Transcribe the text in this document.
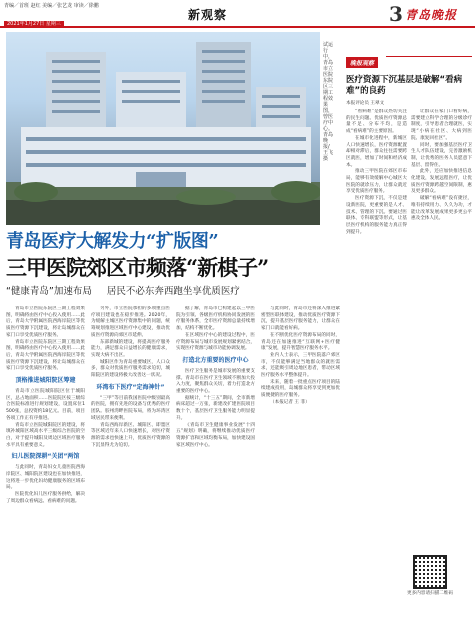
青编／首班 赵红 美编／张艺龙 审读／徐鹏
2021年1月27日 星期三
新观察	3 青岛晚报
试运行中，青岛市立医院东院区三期工程效果图，曾医疗中心。青岛晚报/王飞 摄
青岛医疗大解发力“扩版图”
三甲医院郊区市频落“新棋子”
“健康青岛”加速布局 居民不必东奔西跑坐享优质医疗

青岛市立医院东院区三期工程效果图，明确将由医疗中心投入使用……此后，青岛大学附属医院西海岸院区等优质医疗资源下沉建设，将让岛城群众在家门口享受优质医疗服务。

青岛市立医院东院区三期工程效果图，明确将由医疗中心投入使用……此后，青岛大学附属医院西海岸院区等优质医疗资源下沉建设，将让岛城群众在家门口享受优质医疗服务。

顶格推进城阳院区筹建

青岛市立医院城阳院区位于城阳区，总占地面积……医院院区按三级综合医院标准进行规划建设，设置床位1500张，总投资约18亿元。目前，项目各项工作正有序推进。

青岛市立医院城阳院区的建设，将填补城阳区域高水平三级综合医院的空白，对于提升城阳及周边区域医疗服务水平具有重要意义。

妇儿医院深耕“关团”两馆

与此同时，青岛妇女儿童医院西海岸院区、城阳院区建设也在加快推进，这将进一步优化妇幼健康服务的区域布局。

医院优化妇儿医疗服务供给，解决了周边群众看病远、看病难的问题。

另外，市立医院承担的多项重点医疗项目建设也在稳步推进。2020年，为缓解主城区医疗资源集中的问题，统筹规划推进区域医疗中心建设，推动优质医疗资源向郊区市延伸。

东部新城的建设，将提高医疗服务能力，满足群众日益增长的健康需求，实现大病不出区。

城阳区作为青岛重要城区，人口众多，群众对优质医疗服务需求迫切，城阳院区的建设将极大改善这一状况。

环湾布下医疗“定海神针”

“三甲”等目前我国医院中级别最高的医院，拥有先进的设备与优秀的医疗团队。胶州湾畔医院布局，将为环湾区域居民带来便利。

青岛西海岸新区、城阳区、即墨区等区域近年来人口快速增长，对医疗资源的需求也快速上升，优质医疗资源的下沉显得尤为迫切。

据了解，青岛市已构建起以三甲医院为引领、各级医疗机构协同发展的医疗服务体系，全市医疗资源总量持续增加，结构不断优化。

在区域医疗中心的建设过程中，医疗资源布局与城市发展规划紧密结合，实现医疗资源与城市功能协调发展。

打造北方重要的医疗中心

医疗卫生服务是城市发展的重要支撑。青岛市在医疗卫生领域不断加大投入力度，聚焦群众关切，着力打造北方重要的医疗中心。

据统计，“十三五”期间，全市新增病床超过一万张，新建改扩建医院项目数十个，基层医疗卫生服务能力明显提升。

《青岛市卫生健康事业发展“十四五”规划》明确，将继续推动优质医疗资源扩容和区域均衡布局，加快建设国家区域医疗中心。

与此同时，青岛市还将深入推进紧密型医联体建设，推动优质医疗资源下沉，提升基层医疗服务能力，让群众在家门口就能看好病。

在不断优化医疗资源布局的同时，青岛还在加速推进“互联网+医疗健康”发展，提升智慧医疗服务水平。

业内人士表示，三甲医院落户郊区市，不仅能够满足当地群众的就医需求，还能吸引周边地区患者，带动区域医疗服务水平整体提升。

未来，随着一批重点医疗项目的陆续建成投用，岛城群众将享受到更加优质便捷的医疗服务。

（本报记者 王 菲）

晚报观察
医疗资源下沉基层是破解“看病难”的良药
本报评论员 王翠文

“看病难”是群众热切关注的民生问题。优质医疗资源总量不足、分布不均，是造成“看病难”的主要原因。

在城市化进程中，新城区人口快速增长，医疗资源配置却相对滞后，群众往往需要跨区就医，增加了时间和经济成本。

推动三甲医院在郊区市布局，能够有效缓解中心城区大医院的就诊压力，让群众就近享受优质医疗服务。

医疗资源下沉，不仅是建设新医院，更重要的是人才、技术、管理的下沉。要通过医联体、专科联盟等形式，让基层医疗机构的服务能力真正得到提升。

让群众在家门口看好病，需要建立科学合理的分级诊疗制度，引导患者合理就医，实现“小病在社区、大病到医院、康复回社区”。

同时，要加强基层医疗卫生人才队伍建设，完善激励机制，让优秀的医务人员愿意下基层、留得住。

此外，还应加快推进信息化建设，发展远程医疗，让优质医疗资源跨越空间限制，惠及更多群众。

破解“看病难”没有捷径，唯有持续用力、久久为功，才能让改革发展成果更多更公平惠及全体人民。

更多内容请扫描二维码
